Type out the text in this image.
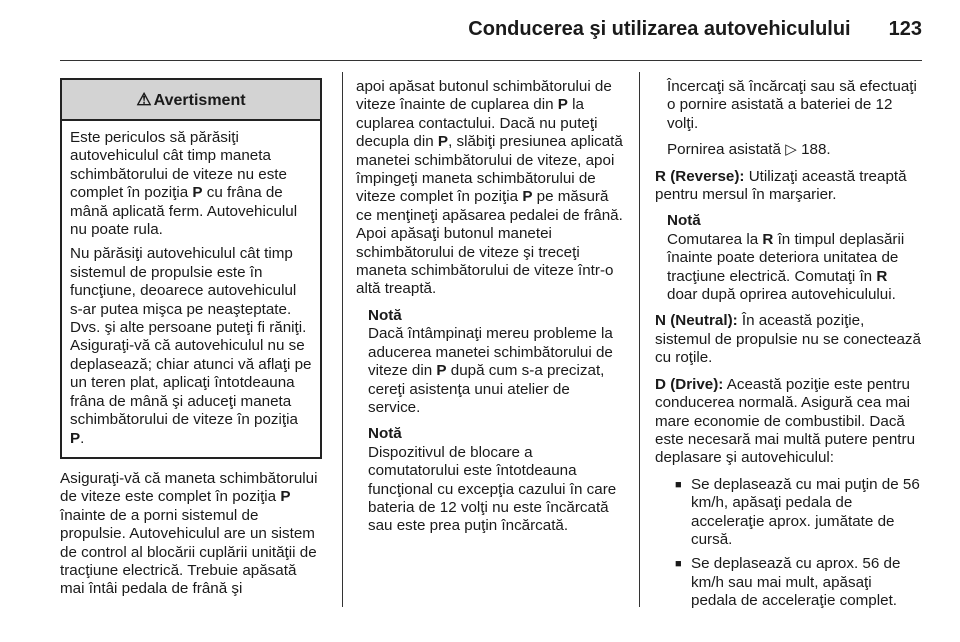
Conducerea şi utilizarea autovehiculului 123
⚠ Avertisment

Este periculos să părăsiţi autovehiculul cât timp maneta schimbătorului de viteze nu este complet în poziţia P cu frâna de mână aplicată ferm. Autovehiculul nu poate rula.

Nu părăsiţi autovehiculul cât timp sistemul de propulsie este în funcţiune, deoarece autovehiculul s-ar putea mişca pe neaşteptate. Dvs. şi alte persoane puteţi fi răniţi. Asiguraţi-vă că autovehiculul nu se deplasează; chiar atunci vă aflaţi pe un teren plat, aplicaţi întotdeauna frâna de mână şi aduceţi maneta schimbătorului de viteze în poziţia P.

Asiguraţi-vă că maneta schimbătorului de viteze este complet în poziţia P înainte de a porni sistemul de propulsie. Autovehiculul are un sistem de control al blocării cuplării unităţii de tracţiune electrică. Trebuie apăsată mai întâi pedala de frână şi

apoi apăsat butonul schimbătorului de viteze înainte de cuplarea din P la cuplarea contactului. Dacă nu puteţi decupla din P, slăbiţi presiunea aplicată manetei schimbătorului de viteze, apoi împingeţi maneta schimbătorului de viteze complet în poziţia P pe măsură ce menţineţi apăsarea pedalei de frână. Apoi apăsaţi butonul manetei schimbătorului de viteze şi treceţi maneta schimbătorului de viteze într-o altă treaptă.

Notă

Dacă întâmpinaţi mereu probleme la aducerea manetei schimbătorului de viteze din P după cum s-a precizat, cereţi asistenţa unui atelier de service.

Notă

Dispozitivul de blocare a comutatorului este întotdeauna funcţional cu excepţia cazului în care bateria de 12 volţi nu este încărcată sau este prea puţin încărcată.

Încercaţi să încărcaţi sau să efectuaţi o pornire asistată a bateriei de 12 volţi.

Pornirea asistată ▷ 188.

R (Reverse): Utilizaţi această treaptă pentru mersul în marşarier.

Notă

Comutarea la R în timpul deplasării înainte poate deteriora unitatea de tracţiune electrică. Comutaţi în R doar după oprirea autovehiculului.

N (Neutral): În această poziţie, sistemul de propulsie nu se conectează cu roţile.

D (Drive): Această poziţie este pentru conducerea normală. Asigură cea mai mare economie de combustibil. Dacă este necesară mai multă putere pentru deplasare şi autovehiculul:

■ Se deplasează cu mai puţin de 56 km/h, apăsaţi pedala de acceleraţie aprox. jumătate de cursă.
■ Se deplasează cu aprox. 56 de km/h sau mai mult, apăsaţi pedala de acceleraţie complet.
